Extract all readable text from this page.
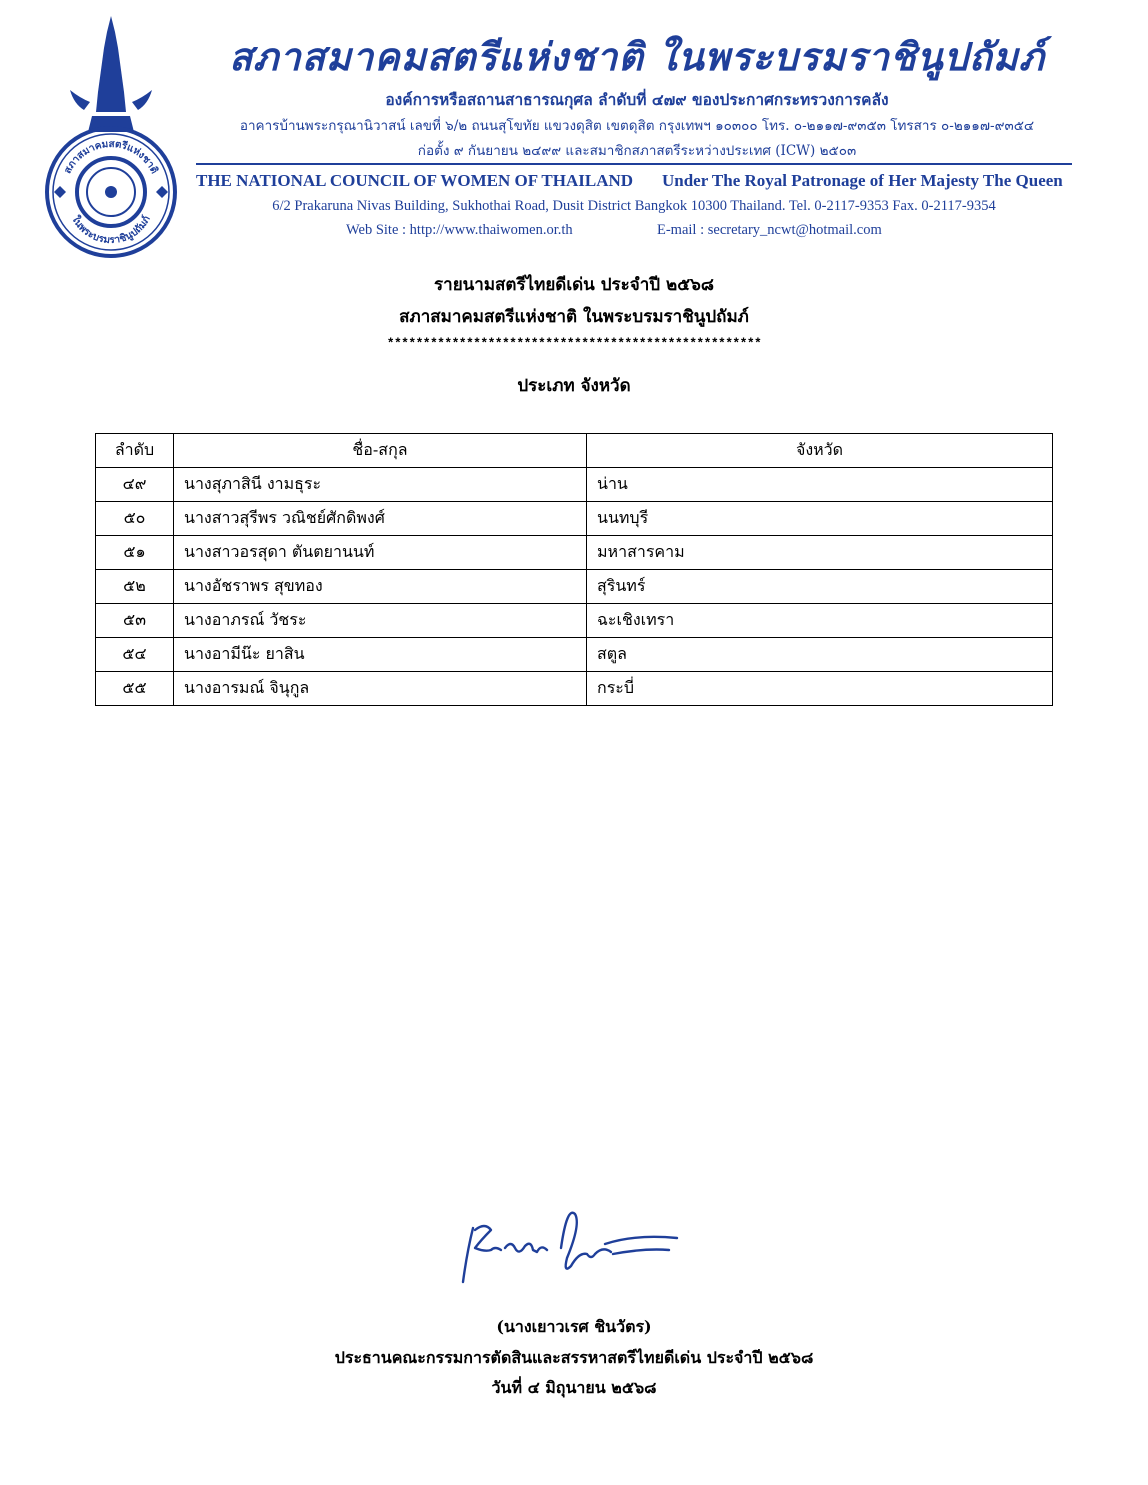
สภาสมาคมสตรีแห่งชาติ
ในพระบรมราชินูปถัมภ์
สภาสมาคมสตรีแห่งชาติ ในพระบรมราชินูปถัมภ์
องค์การหรือสถานสาธารณกุศล ลำดับที่ ๔๗๙ ของประกาศกระทรวงการคลัง
อาคารบ้านพระกรุณานิวาสน์ เลขที่ ๖/๒ ถนนสุโขทัย แขวงดุสิต เขตดุสิต กรุงเทพฯ ๑๐๓๐๐ โทร. ๐-๒๑๑๗-๙๓๕๓ โทรสาร ๐-๒๑๑๗-๙๓๕๔
ก่อตั้ง ๙ กันยายน ๒๔๙๙ และสมาชิกสภาสตรีระหว่างประเทศ (ICW) ๒๕๐๓
THE NATIONAL COUNCIL OF WOMEN OF THAILAND Under The Royal Patronage of Her Majesty The Queen
6/2 Prakaruna Nivas Building, Sukhothai Road, Dusit District Bangkok 10300 Thailand. Tel. 0-2117-9353 Fax. 0-2117-9354
Web Site : http://www.thaiwomen.or.th	E-mail : secretary_ncwt@hotmail.com
รายนามสตรีไทยดีเด่น ประจำปี ๒๕๖๘
สภาสมาคมสตรีแห่งชาติ ในพระบรมราชินูปถัมภ์
****************************************************
ประเภท จังหวัด
ลำดับ	ชื่อ-สกุล	จังหวัด
๔๙	นางสุภาสินี งามธุระ	น่าน
๕๐	นางสาวสุรีพร วณิชย์ศักดิพงศ์	นนทบุรี
๕๑	นางสาวอรสุดา ตันตยานนท์	มหาสารคาม
๕๒	นางอัชราพร สุขทอง	สุรินทร์
๕๓	นางอาภรณ์ วัชระ	ฉะเชิงเทรา
๕๔	นางอามีน๊ะ ยาสิน	สตูล
๕๕	นางอารมณ์ จินุกูล	กระบี่
(นางเยาวเรศ ชินวัตร)
ประธานคณะกรรมการตัดสินและสรรหาสตรีไทยดีเด่น ประจำปี ๒๕๖๘
วันที่ ๔ มิถุนายน ๒๕๖๘
